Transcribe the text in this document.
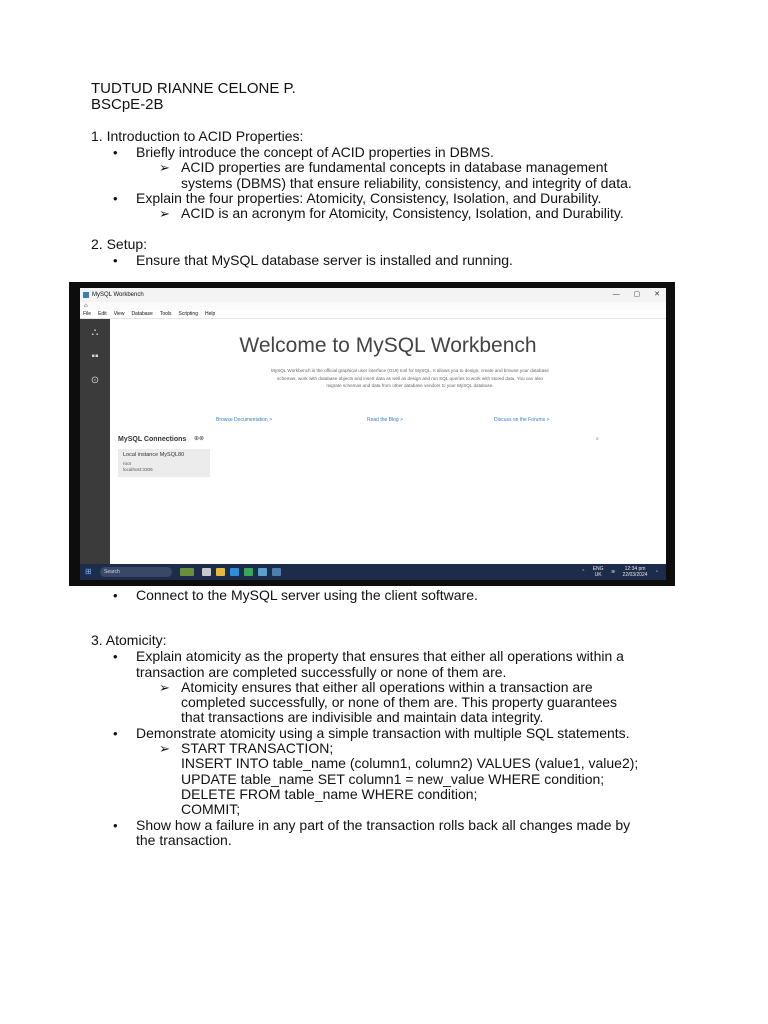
TUDTUD RIANNE CELONE P.
BSCpE-2B
1. Introduction to ACID Properties:
• Briefly introduce the concept of ACID properties in DBMS.
➢ ACID properties are fundamental concepts in database management
systems (DBMS) that ensure reliability, consistency, and integrity of data.
• Explain the four properties: Atomicity, Consistency, Isolation, and Durability.
➢ ACID is an acronym for Atomicity, Consistency, Isolation, and Durability.
2. Setup:
• Ensure that MySQL database server is installed and running.
MySQL Workbench	— ▢ ✕
⌂
File Edit View Database Tools Scripting Help
⛬
▪▪
⊙
Welcome to MySQL Workbench
MySQL Workbench is the official graphical user interface (GUI) tool for MySQL. It allows you to design, create and browse your database schemas, work with database objects and insert data as well as design and run SQL queries to work with stored data. You can also migrate schemas and data from other database vendors to your MySQL database.
Browse Documentation >	Read the Blog >	Discuss on the Forums >
MySQL Connections ⊕⊗	⌕
Local instance MySQL80
root
localhost:3306
⊞	Search	⌃
ENG
UK	≋
12:34 pm
22/03/2024 ◔
• Connect to the MySQL server using the client software.
3. Atomicity:
• Explain atomicity as the property that ensures that either all operations within a
transaction are completed successfully or none of them are.
➢ Atomicity ensures that either all operations within a transaction are
completed successfully, or none of them are. This property guarantees
that transactions are indivisible and maintain data integrity.
• Demonstrate atomicity using a simple transaction with multiple SQL statements.
➢ START TRANSACTION;
INSERT INTO table_name (column1, column2) VALUES (value1, value2);
UPDATE table_name SET column1 = new_value WHERE condition;
DELETE FROM table_name WHERE condition;
COMMIT;
• Show how a failure in any part of the transaction rolls back all changes made by
the transaction.
